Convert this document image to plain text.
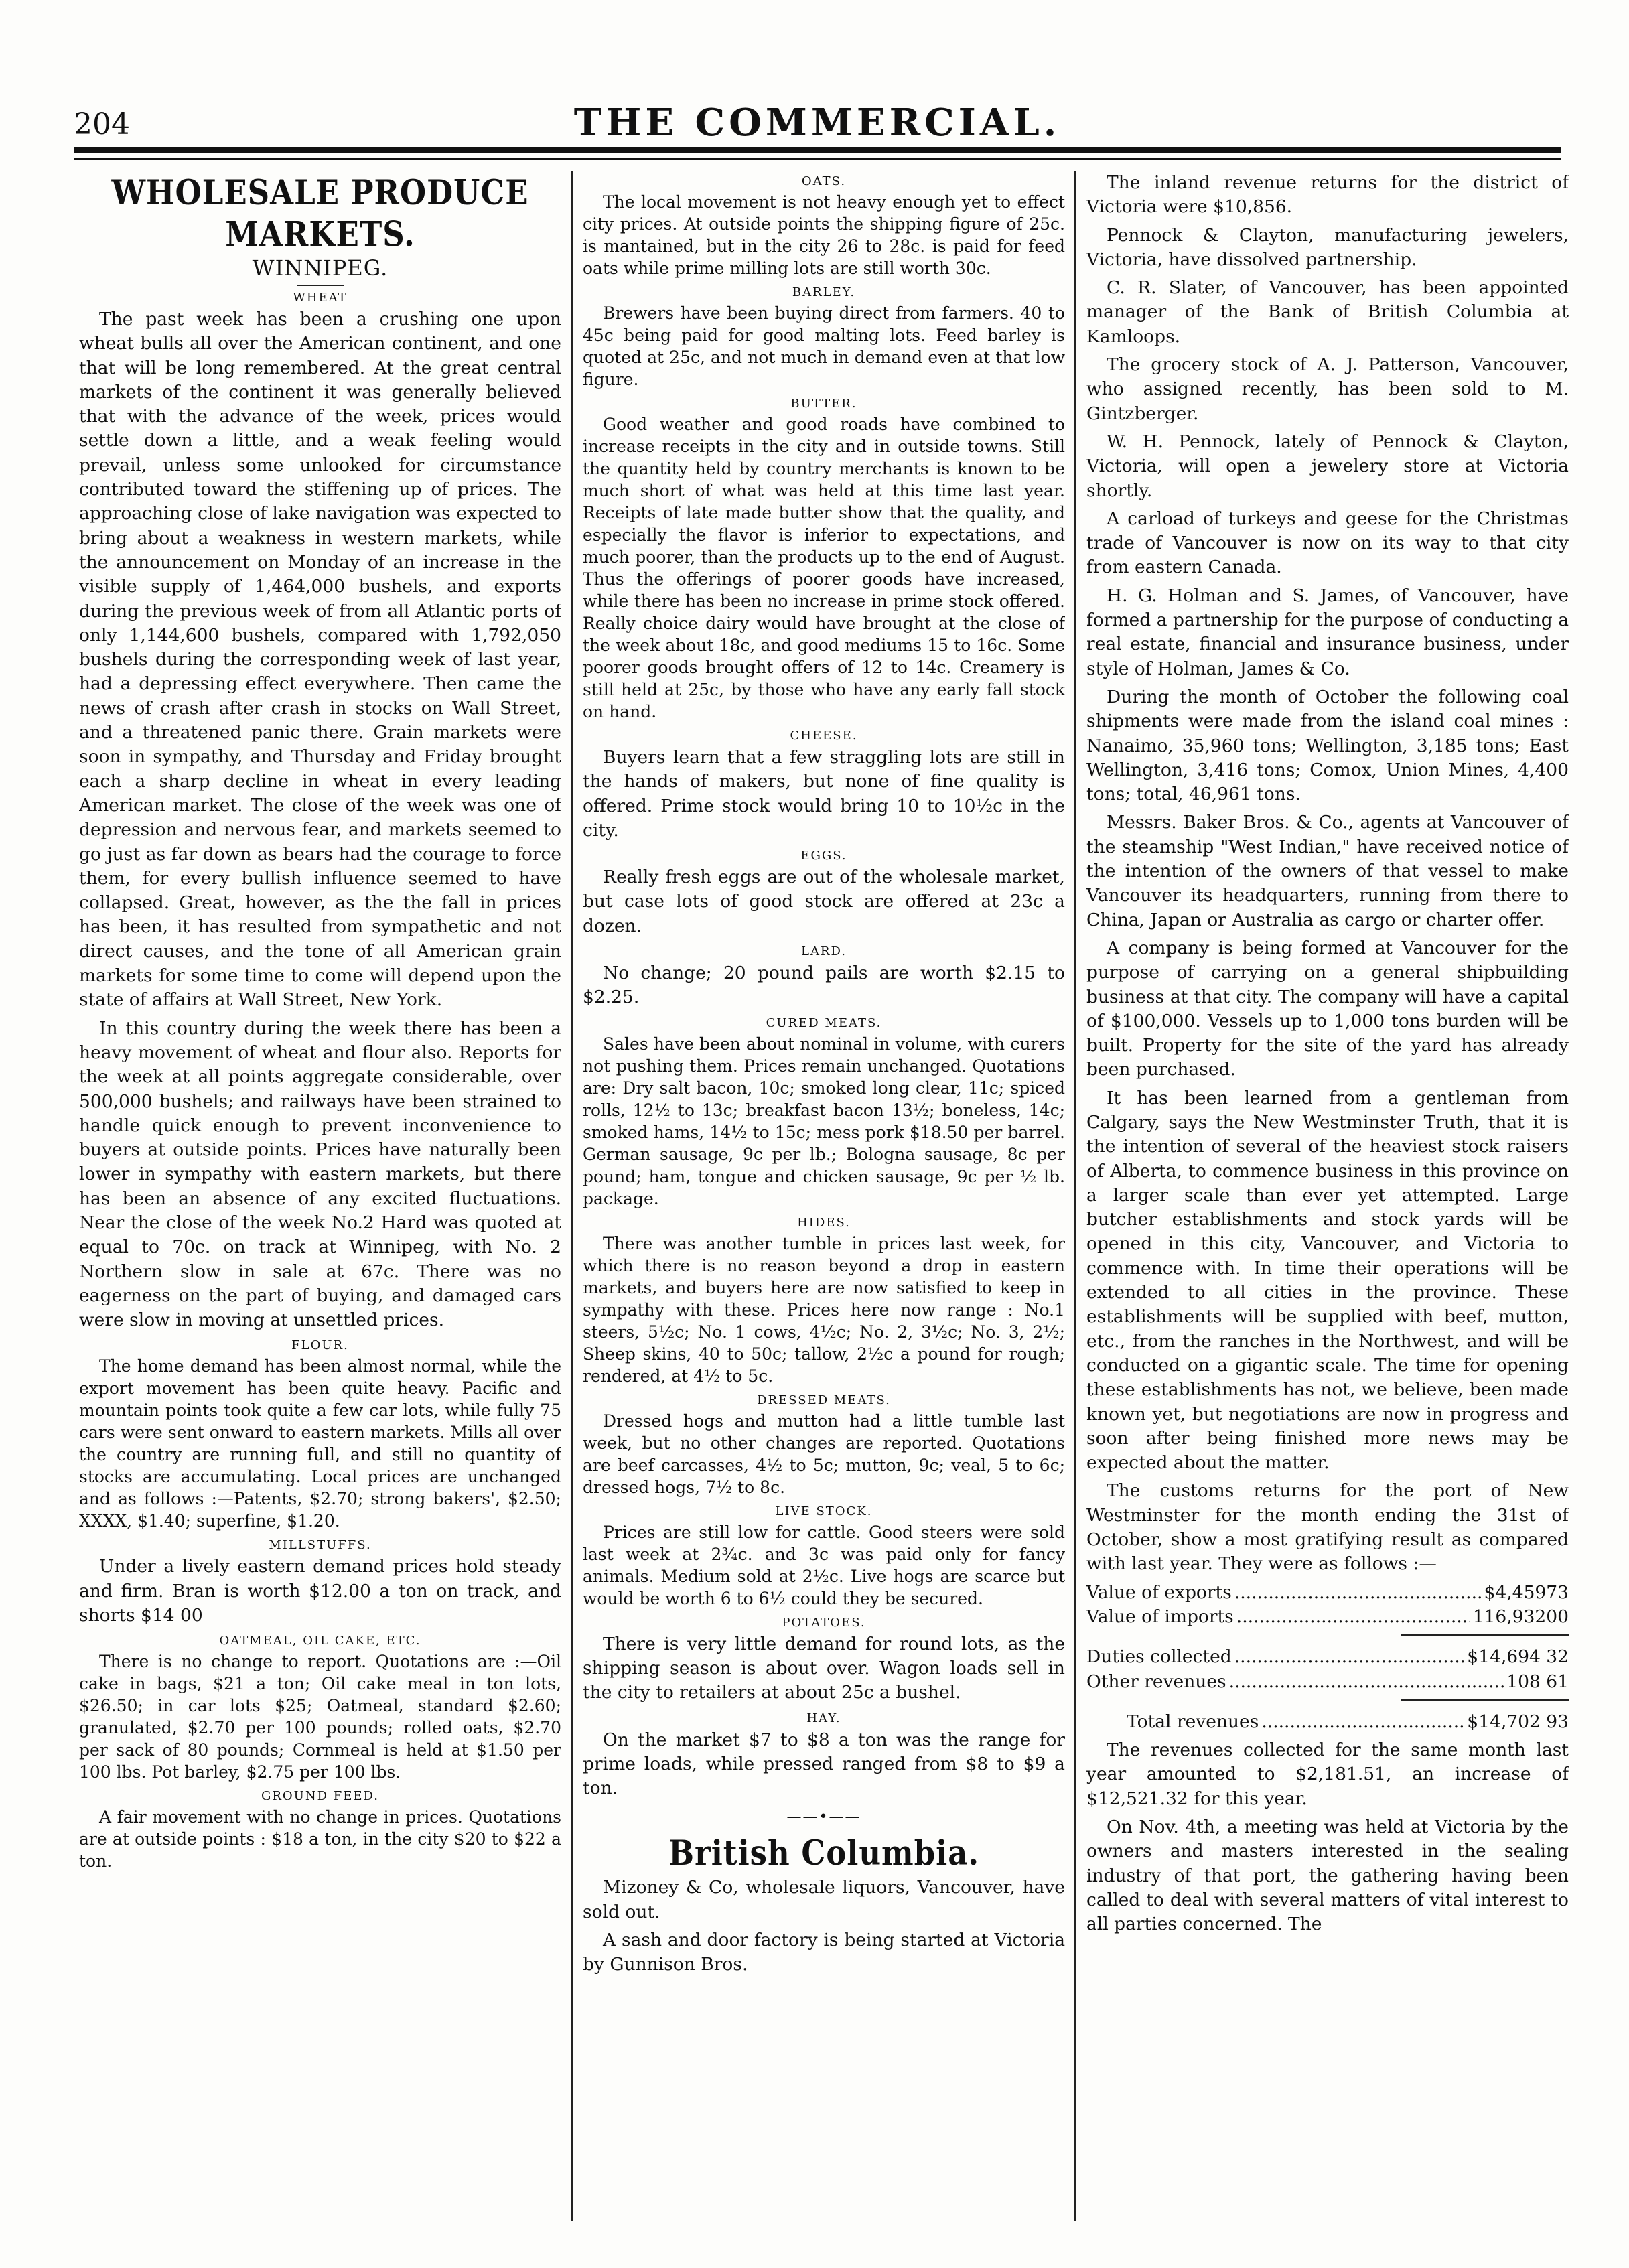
204	THE COMMERCIAL.
WHOLESALE PRODUCE MARKETS.
WINNIPEG.
WHEAT

The past week has been a crushing one upon wheat bulls all over the American continent, and one that will be long remembered. At the great central markets of the continent it was generally believed that with the advance of the week, prices would settle down a little, and a weak feeling would prevail, unless some unlooked for circumstance contributed toward the stiffening up of prices. The approaching close of lake navigation was expected to bring about a weakness in western markets, while the announcement on Monday of an increase in the visible supply of 1,464,000 bushels, and exports during the previous week of from all Atlantic ports of only 1,144,600 bushels, compared with 1,792,050 bushels during the corresponding week of last year, had a depressing effect everywhere. Then came the news of crash after crash in stocks on Wall Street, and a threatened panic there. Grain markets were soon in sympathy, and Thursday and Friday brought each a sharp decline in wheat in every leading American market. The close of the week was one of depression and nervous fear, and markets seemed to go just as far down as bears had the courage to force them, for every bullish influence seemed to have collapsed. Great, however, as the the fall in prices has been, it has resulted from sympathetic and not direct causes, and the tone of all American grain markets for some time to come will depend upon the state of affairs at Wall Street, New York.

In this country during the week there has been a heavy movement of wheat and flour also. Reports for the week at all points aggregate considerable, over 500,000 bushels; and railways have been strained to handle quick enough to prevent inconvenience to buyers at outside points. Prices have naturally been lower in sympathy with eastern markets, but there has been an absence of any excited fluctuations. Near the close of the week No.2 Hard was quoted at equal to 70c. on track at Winnipeg, with No. 2 Northern slow in sale at 67c. There was no eagerness on the part of buying, and damaged cars were slow in moving at unsettled prices.

FLOUR.

The home demand has been almost normal, while the export movement has been quite heavy. Pacific and mountain points took quite a few car lots, while fully 75 cars were sent onward to eastern markets. Mills all over the country are running full, and still no quantity of stocks are accumulating. Local prices are unchanged and as follows :—Patents, $2.70; strong bakers', $2.50; XXXX, $1.40; superfine, $1.20.

MILLSTUFFS.

Under a lively eastern demand prices hold steady and firm. Bran is worth $12.00 a ton on track, and shorts $14 00

OATMEAL, OIL CAKE, ETC.

There is no change to report. Quotations are :—Oil cake in bags, $21 a ton; Oil cake meal in ton lots, $26.50; in car lots $25; Oatmeal, standard $2.60; granulated, $2.70 per 100 pounds; rolled oats, $2.70 per sack of 80 pounds; Cornmeal is held at $1.50 per 100 lbs. Pot barley, $2.75 per 100 lbs.

GROUND FEED.

A fair movement with no change in prices. Quotations are at outside points : $18 a ton, in the city $20 to $22 a ton.

OATS.

The local movement is not heavy enough yet to effect city prices. At outside points the shipping figure of 25c. is mantained, but in the city 26 to 28c. is paid for feed oats while prime milling lots are still worth 30c.

BARLEY.

Brewers have been buying direct from farmers. 40 to 45c being paid for good malting lots. Feed barley is quoted at 25c, and not much in demand even at that low figure.

BUTTER.

Good weather and good roads have combined to increase receipts in the city and in outside towns. Still the quantity held by country merchants is known to be much short of what was held at this time last year. Receipts of late made butter show that the quality, and especially the flavor is inferior to expectations, and much poorer, than the products up to the end of August. Thus the offerings of poorer goods have increased, while there has been no increase in prime stock offered. Really choice dairy would have brought at the close of the week about 18c, and good mediums 15 to 16c. Some poorer goods brought offers of 12 to 14c. Creamery is still held at 25c, by those who have any early fall stock on hand.

CHEESE.

Buyers learn that a few straggling lots are still in the hands of makers, but none of fine quality is offered. Prime stock would bring 10 to 10½c in the city.

EGGS.

Really fresh eggs are out of the wholesale market, but case lots of good stock are offered at 23c a dozen.

LARD.

No change; 20 pound pails are worth $2.15 to $2.25.

CURED MEATS.

Sales have been about nominal in volume, with curers not pushing them. Prices remain unchanged. Quotations are: Dry salt bacon, 10c; smoked long clear, 11c; spiced rolls, 12½ to 13c; breakfast bacon 13½; boneless, 14c; smoked hams, 14½ to 15c; mess pork $18.50 per barrel. German sausage, 9c per lb.; Bologna sausage, 8c per pound; ham, tongue and chicken sausage, 9c per ½ lb. package.

HIDES.

There was another tumble in prices last week, for which there is no reason beyond a drop in eastern markets, and buyers here are now satisfied to keep in sympathy with these. Prices here now range : No.1 steers, 5½c; No. 1 cows, 4½c; No. 2, 3½c; No. 3, 2½; Sheep skins, 40 to 50c; tallow, 2½c a pound for rough; rendered, at 4½ to 5c.

DRESSED MEATS.

Dressed hogs and mutton had a little tumble last week, but no other changes are reported. Quotations are beef carcasses, 4½ to 5c; mutton, 9c; veal, 5 to 6c; dressed hogs, 7½ to 8c.

LIVE STOCK.

Prices are still low for cattle. Good steers were sold last week at 2¾c. and 3c was paid only for fancy animals. Medium sold at 2½c. Live hogs are scarce but would be worth 6 to 6½ could they be secured.

POTATOES.

There is very little demand for round lots, as the shipping season is about over. Wagon loads sell in the city to retailers at about 25c a bushel.

HAY.

On the market $7 to $8 a ton was the range for prime loads, while pressed ranged from $8 to $9 a ton.

——•——
British Columbia.

Mizoney & Co, wholesale liquors, Vancouver, have sold out.

A sash and door factory is being started at Victoria by Gunnison Bros.

The inland revenue returns for the district of Victoria were $10,856.

Pennock & Clayton, manufacturing jewelers, Victoria, have dissolved partnership.

C. R. Slater, of Vancouver, has been appointed manager of the Bank of British Columbia at Kamloops.

The grocery stock of A. J. Patterson, Vancouver, who assigned recently, has been sold to M. Gintzberger.

W. H. Pennock, lately of Pennock & Clayton, Victoria, will open a jewelery store at Victoria shortly.

A carload of turkeys and geese for the Christmas trade of Vancouver is now on its way to that city from eastern Canada.

H. G. Holman and S. James, of Vancouver, have formed a partnership for the purpose of conducting a real estate, financial and insurance business, under style of Holman, James & Co.

During the month of October the following coal shipments were made from the island coal mines : Nanaimo, 35,960 tons; Wellington, 3,185 tons; East Wellington, 3,416 tons; Comox, Union Mines, 4,400 tons; total, 46,961 tons.

Messrs. Baker Bros. & Co., agents at Vancouver of the steamship "West Indian," have received notice of the intention of the owners of that vessel to make Vancouver its headquarters, running from there to China, Japan or Australia as cargo or charter offer.

A company is being formed at Vancouver for the purpose of carrying on a general shipbuilding business at that city. The company will have a capital of $100,000. Vessels up to 1,000 tons burden will be built. Property for the site of the yard has already been purchased.

It has been learned from a gentleman from Calgary, says the New Westminster Truth, that it is the intention of several of the heaviest stock raisers of Alberta, to commence business in this province on a larger scale than ever yet attempted. Large butcher establishments and stock yards will be opened in this city, Vancouver, and Victoria to commence with. In time their operations will be extended to all cities in the province. These establishments will be supplied with beef, mutton, etc., from the ranches in the Northwest, and will be conducted on a gigantic scale. The time for opening these establishments has not, we believe, been made known yet, but negotiations are now in progress and soon after being finished more news may be expected about the matter.

The customs returns for the port of New Westminster for the month ending the 31st of October, show a most gratifying result as compared with last year. They were as follows :—

Value of exports .....	$4,45973
Value of imports .....	116,93200
Duties collected .....	$14,694 32
Other revenues .....	108 61
Total revenues .....	$14,702 93

The revenues collected for the same month last year amounted to $2,181.51, an increase of $12,521.32 for this year.

On Nov. 4th, a meeting was held at Victoria by the owners and masters interested in the sealing industry of that port, the gathering having been called to deal with several matters of vital interest to all parties concerned. The
